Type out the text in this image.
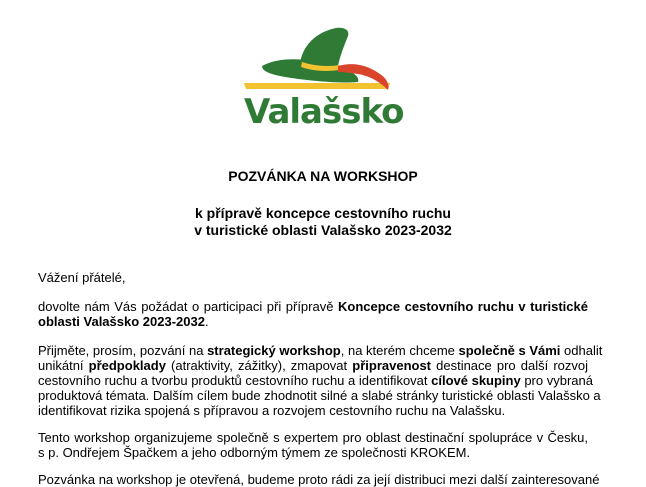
Valašsko
POZVÁNKA NA WORKSHOP
k přípravě koncepce cestovního ruchu
v turistické oblasti Valašsko 2023-2032
Vážení přátelé,
dovolte nám Vás požádat o participaci při přípravě Koncepce cestovního ruchu v turistické
oblasti Valašsko 2023-2032.
Přijměte, prosím, pozvání na strategický workshop, na kterém chceme společně s Vámi odhalit
unikátní předpoklady (atraktivity, zážitky), zmapovat připravenost destinace pro další rozvoj
cestovního ruchu a tvorbu produktů cestovního ruchu a identifikovat cílové skupiny pro vybraná
produktová témata. Dalším cílem bude zhodnotit silné a slabé stránky turistické oblasti Valašsko a
identifikovat rizika spojená s přípravou a rozvojem cestovního ruchu na Valašsku.
Tento workshop organizujeme společně s expertem pro oblast destinační spolupráce v Česku,
s p. Ondřejem Špačkem a jeho odborným týmem ze společnosti KROKEM.
Pozvánka na workshop je otevřená, budeme proto rádi za její distribuci mezi další zainteresované
